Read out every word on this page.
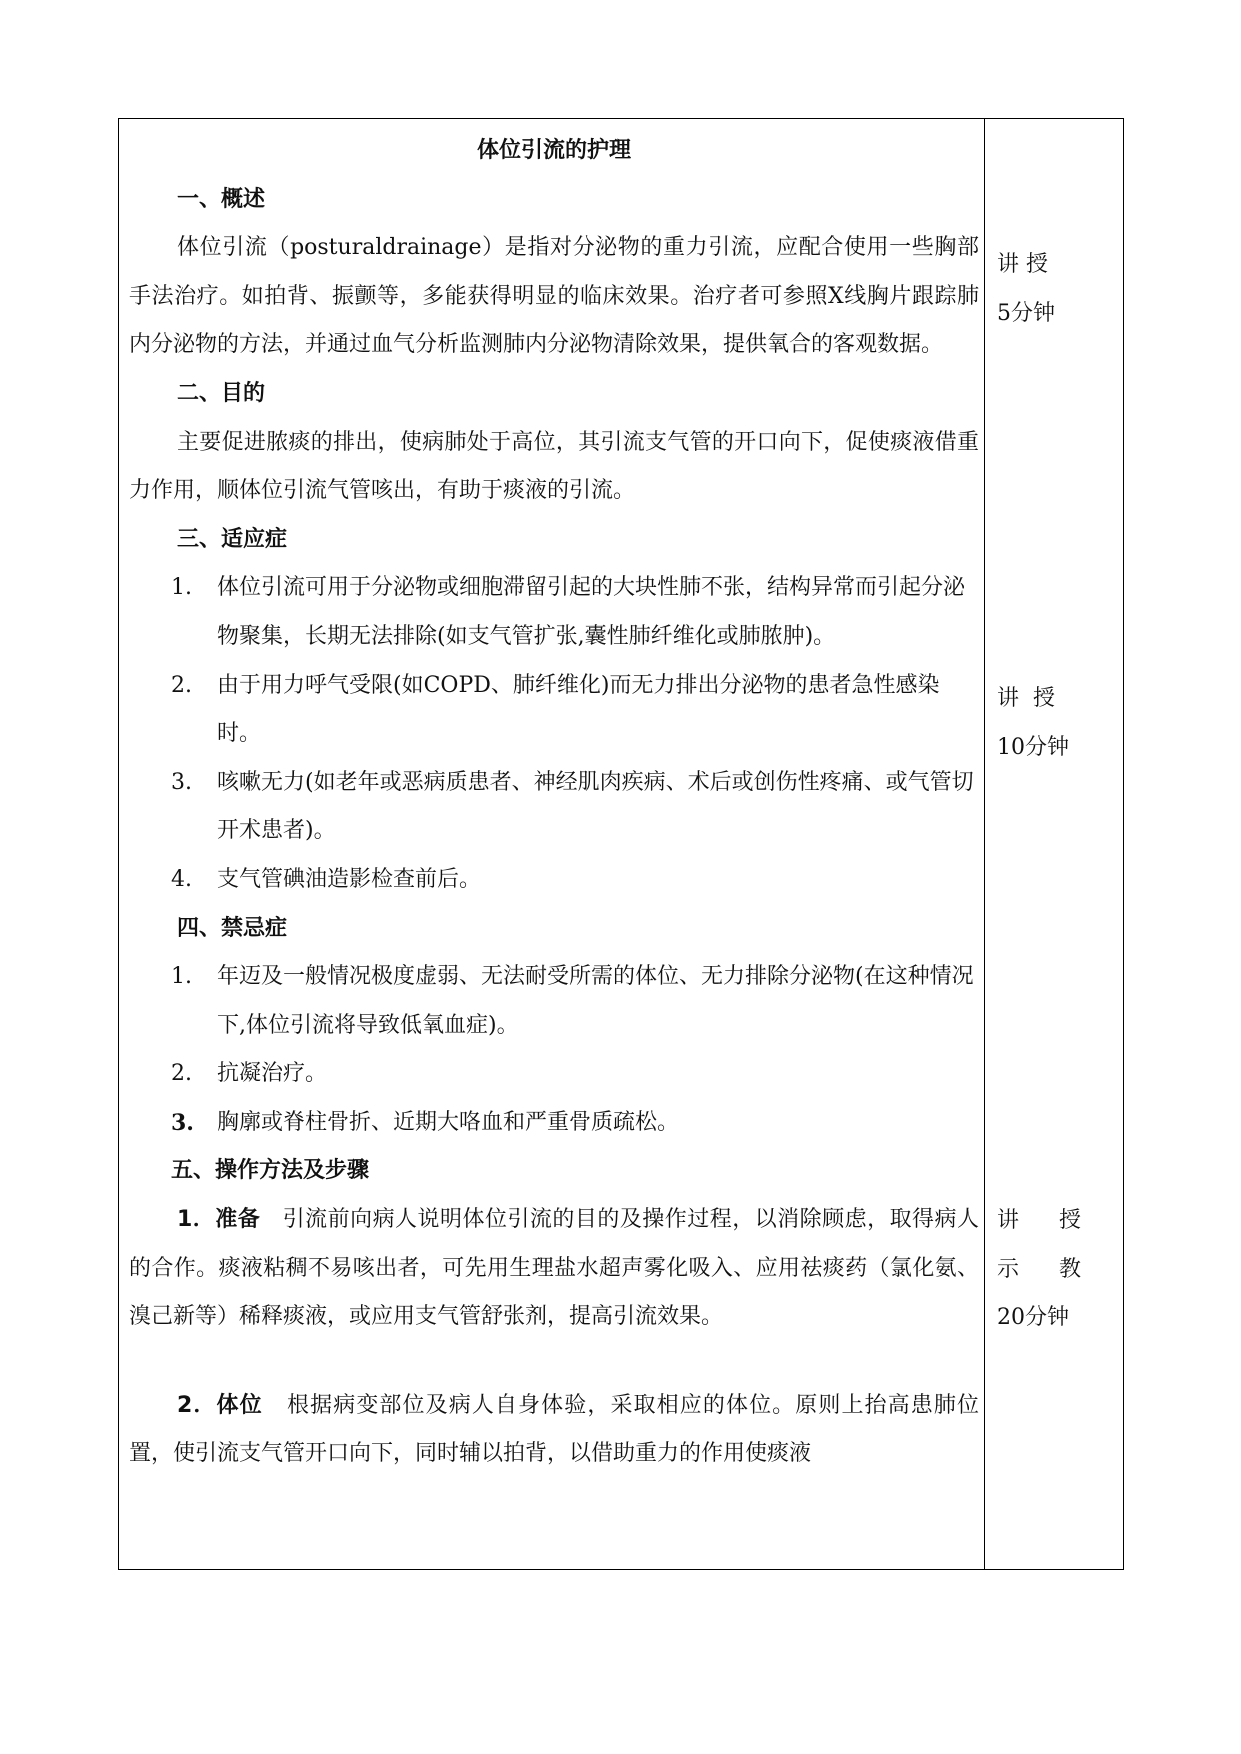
体位引流的护理
一、概述
体位引流（posturaldrainage）是指对分泌物的重力引流，应配合使用一些胸部手法治疗。如拍背、振颤等，多能获得明显的临床效果。治疗者可参照X线胸片跟踪肺内分泌物的方法，并通过血气分析监测肺内分泌物清除效果，提供氧合的客观数据。
二、目的
主要促进脓痰的排出，使病肺处于高位，其引流支气管的开口向下，促使痰液借重力作用，顺体位引流气管咳出，有助于痰液的引流。
三、适应症
1. 体位引流可用于分泌物或细胞滞留引起的大块性肺不张，结构异常而引起分泌物聚集，长期无法排除(如支气管扩张,囊性肺纤维化或肺脓肿)。
2. 由于用力呼气受限(如COPD、肺纤维化)而无力排出分泌物的患者急性感染时。
3. 咳嗽无力(如老年或恶病质患者、神经肌肉疾病、术后或创伤性疼痛、或气管切开术患者)。
4. 支气管碘油造影检查前后。
四、禁忌症
1. 年迈及一般情况极度虚弱、无法耐受所需的体位、无力排除分泌物(在这种情况下,体位引流将导致低氧血症)。
2. 抗凝治疗。
3. 胸廓或脊柱骨折、近期大咯血和严重骨质疏松。
五、操作方法及步骤
1．准备 引流前向病人说明体位引流的目的及操作过程，以消除顾虑，取得病人的合作。痰液粘稠不易咳出者，可先用生理盐水超声雾化吸入、应用祛痰药（氯化氨、溴己新等）稀释痰液，或应用支气管舒张剂，提高引流效果。
2．体位 根据病变部位及病人自身体验，采取相应的体位。原则上抬高患肺位置，使引流支气管开口向下，同时辅以拍背，以借助重力的作用使痰液
讲 授
5分钟
讲 授
10分钟
讲 授
示 教
20分钟
